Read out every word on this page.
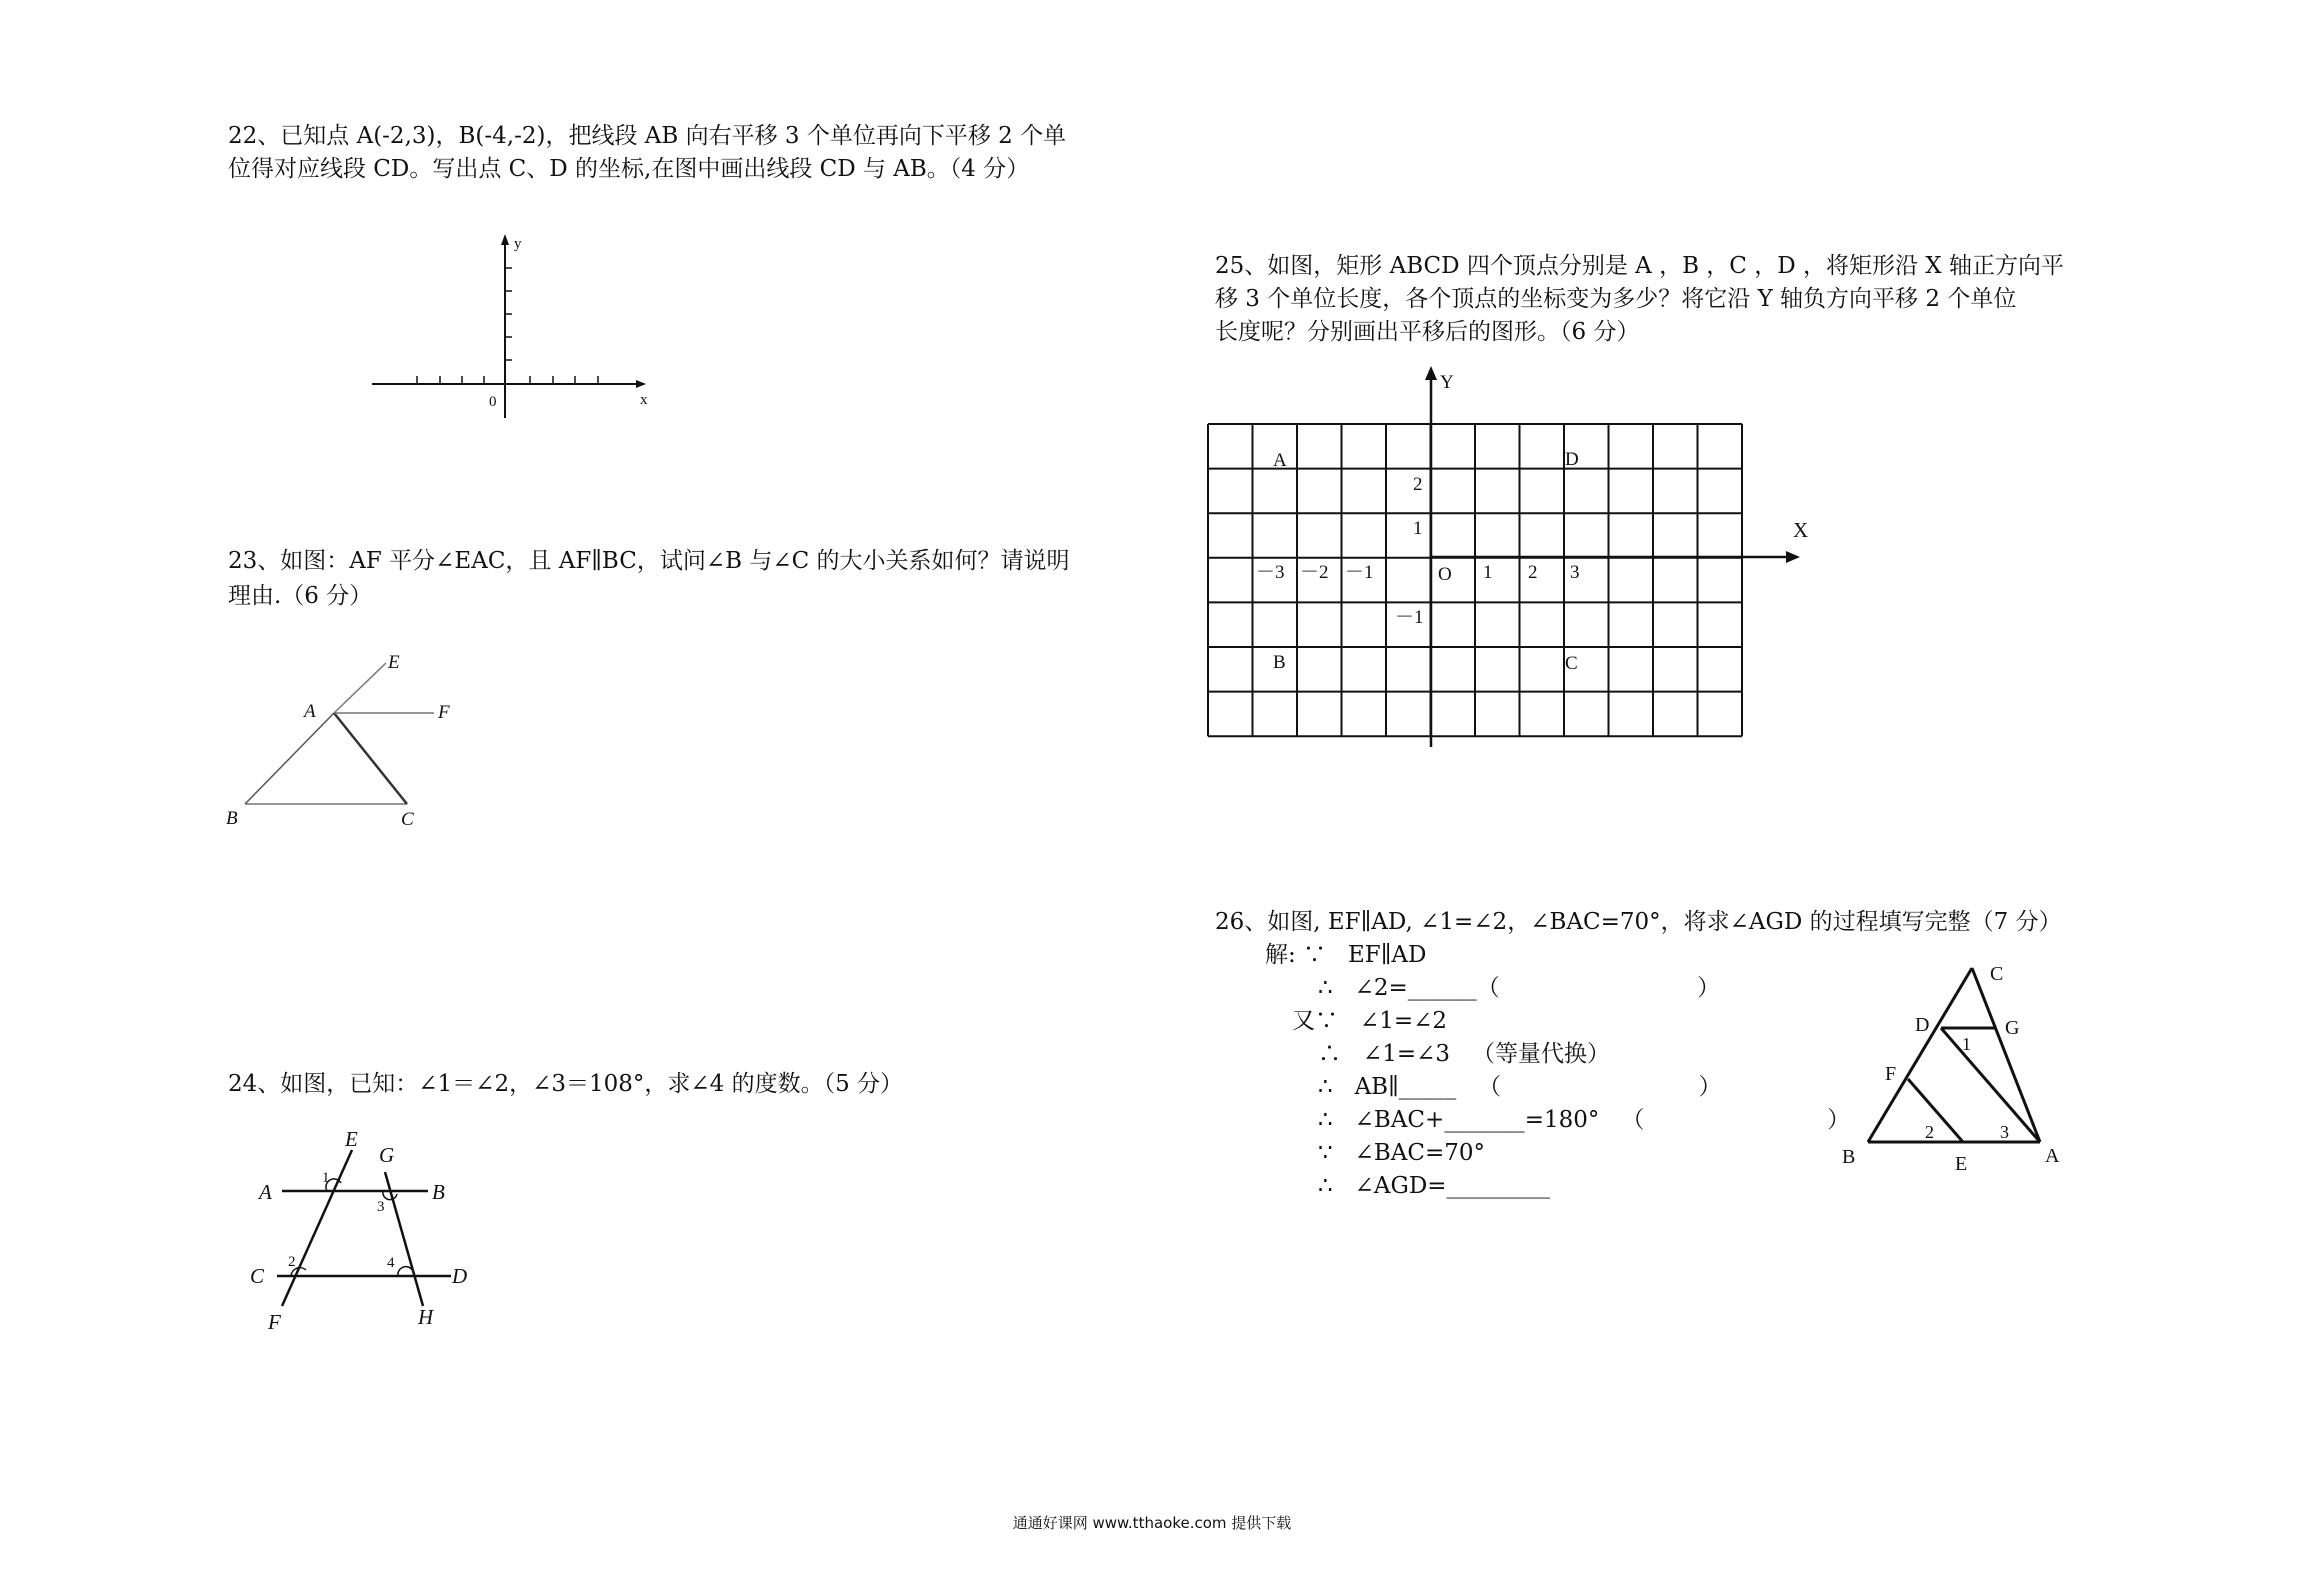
22、已知点 A(-2,3)，B(-4,-2)，把线段 AB 向右平移 3 个单位再向下平移 2 个单
位得对应线段 CD。写出点 C、D 的坐标,在图中画出线段 CD 与 AB。（4 分）
y
x
0
23、如图：AF 平分∠EAC，且 AF∥BC，试问∠B 与∠C 的大小关系如何？请说明
理由.（6 分）
E
A	F
B	C
24、如图，已知：∠1＝∠2，∠3＝108°，求∠4 的度数。（5 分）
E
G
A	B
C	D
F	H
1
3
2	4
25、如图，矩形 ABCD 四个顶点分别是 A ，B ，C ，D ，将矩形沿 X 轴正方向平
移 3 个单位长度，各个顶点的坐标变为多少？将它沿 Y 轴负方向平移 2 个单位
长度呢？分别画出平移后的图形。（6 分）
Y
X
O
A	D
B	C
－3 －2 －1	1 2 3
2
1
－1
26、如图, EF∥AD, ∠1=∠2，∠BAC=70°，将求∠AGD 的过程填写完整（7 分）
解: ∵   EF∥AD
∴   ∠2=______（                           ）
又∵   ∠1=∠2
∴   ∠1=∠3   （等量代换）
∴   AB∥_____   （                           ）
∴   ∠BAC+_______=180°   （                         ）
∵   ∠BAC=70°
∴   ∠AGD=_________
C
D	G
F
B	E	A
1
2	3
通通好课网 www.tthaoke.com 提供下载
